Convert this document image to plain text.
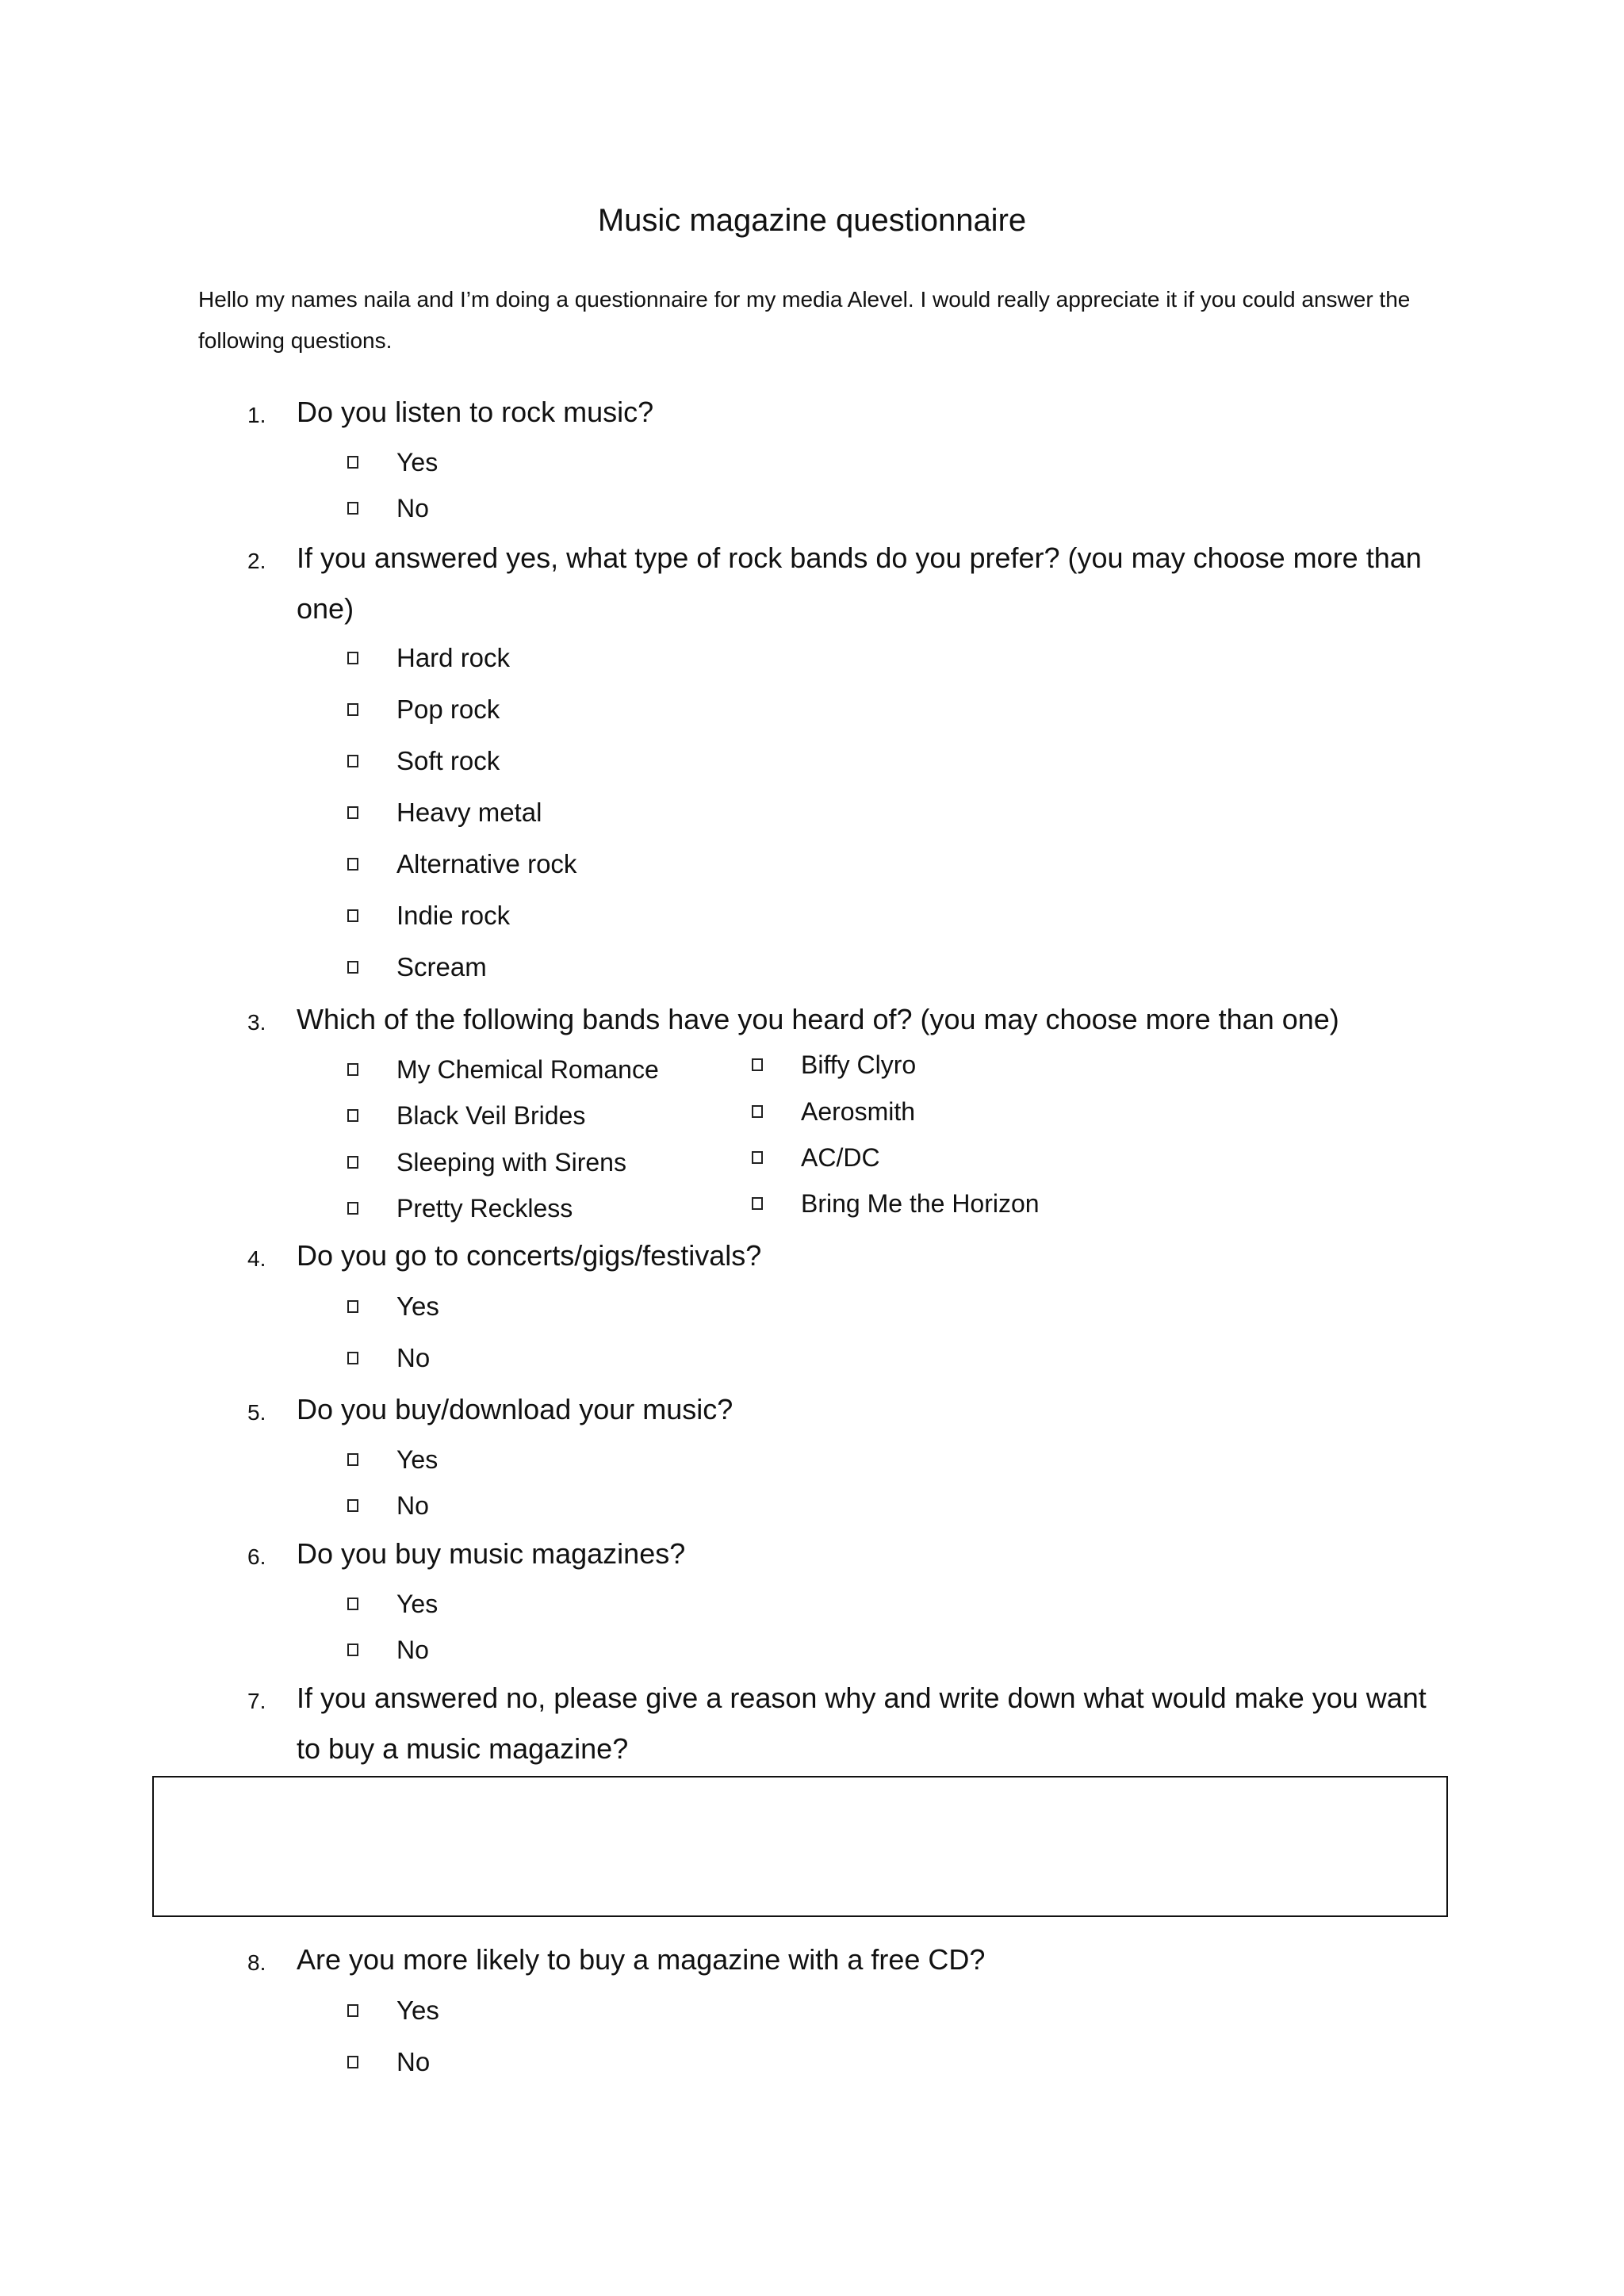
Music magazine questionnaire
Hello my names naila and I’m doing a questionnaire for my media Alevel. I would really appreciate it if you could answer the following questions.
1. Do you listen to rock music?
Yes
No
2. If you answered yes, what type of rock bands do you prefer? (you may choose more than one)
Hard rock
Pop rock
Soft rock
Heavy metal
Alternative rock
Indie rock
Scream
3. Which of the following bands have you heard of? (you may choose more than one)
My Chemical Romance
Black Veil Brides
Sleeping with Sirens
Pretty Reckless
Biffy Clyro
Aerosmith
AC/DC
Bring Me the Horizon
4. Do you go to concerts/gigs/festivals?
Yes
No
5. Do you buy/download your music?
Yes
No
6. Do you buy music magazines?
Yes
No
7. If you answered no, please give a reason why and write down what would make you want to buy a music magazine?
8. Are you more likely to buy a magazine with a free CD?
Yes
No
